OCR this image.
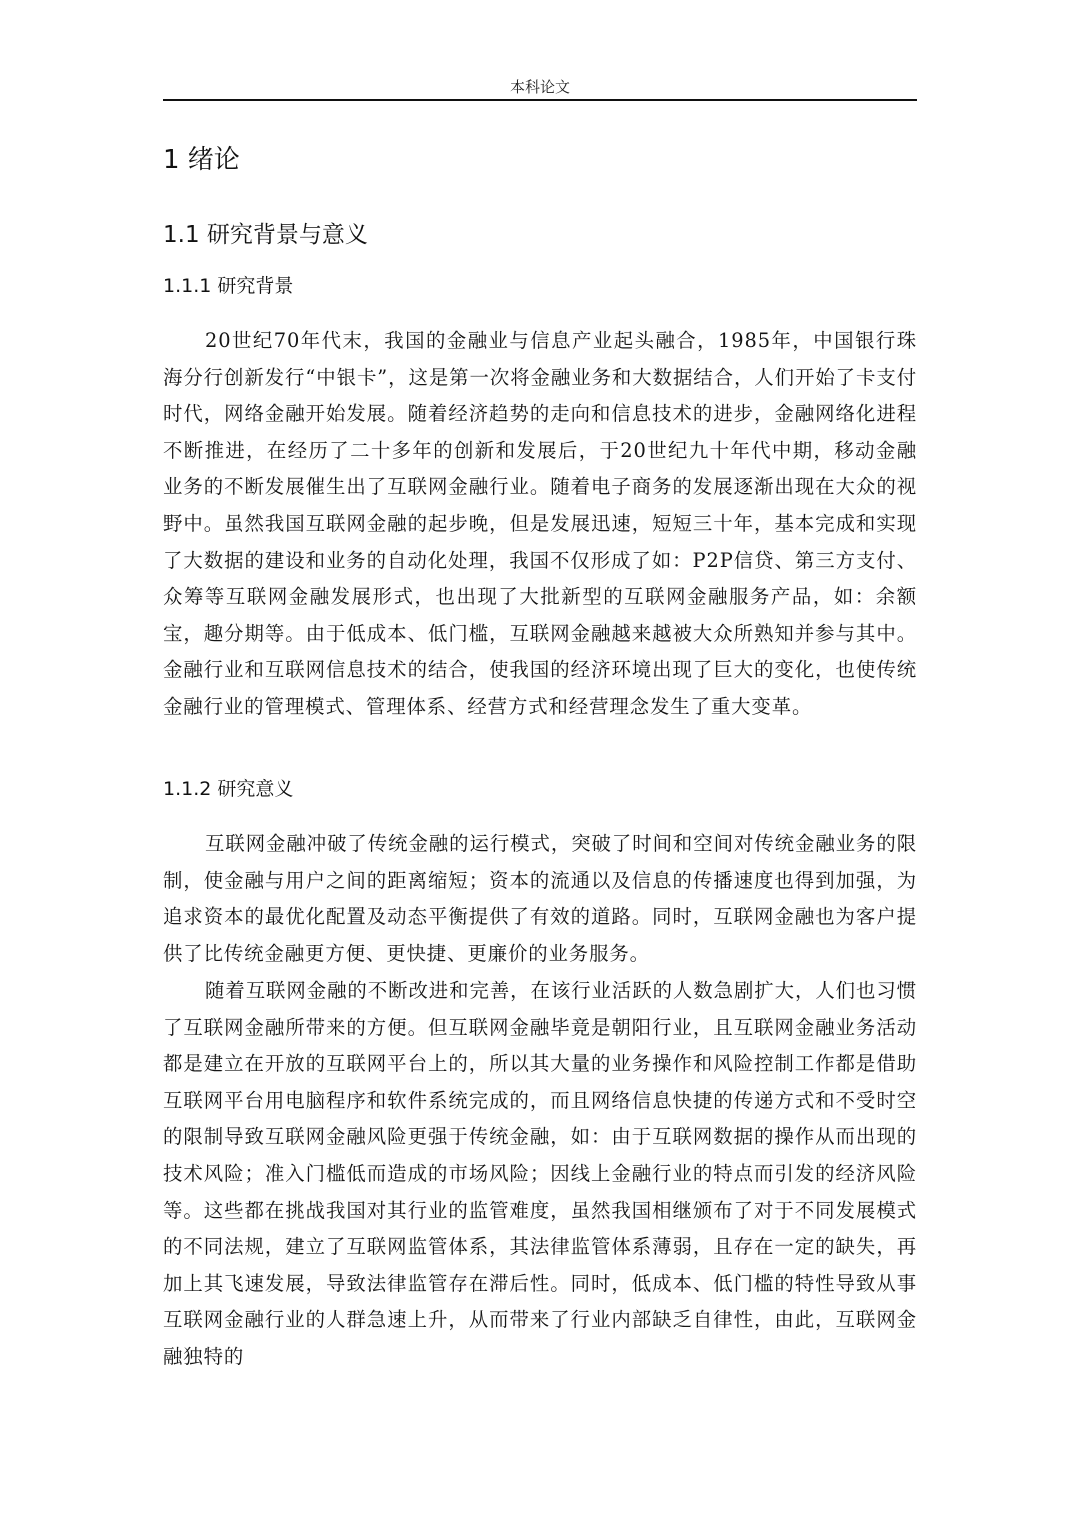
本科论文
1 绪论
1.1 研究背景与意义
1.1.1 研究背景

20世纪70年代末，我国的金融业与信息产业起头融合，1985年，中国银行珠海分行创新发行“中银卡”，这是第一次将金融业务和大数据结合，人们开始了卡支付时代，网络金融开始发展。随着经济趋势的走向和信息技术的进步，金融网络化进程不断推进，在经历了二十多年的创新和发展后，于20世纪九十年代中期，移动金融业务的不断发展催生出了互联网金融行业。随着电子商务的发展逐渐出现在大众的视野中。虽然我国互联网金融的起步晚，但是发展迅速，短短三十年，基本完成和实现了大数据的建设和业务的自动化处理，我国不仅形成了如：P2P信贷、第三方支付、众筹等互联网金融发展形式，也出现了大批新型的互联网金融服务产品，如：余额宝，趣分期等。由于低成本、低门槛，互联网金融越来越被大众所熟知并参与其中。金融行业和互联网信息技术的结合，使我国的经济环境出现了巨大的变化，也使传统金融行业的管理模式、管理体系、经营方式和经营理念发生了重大变革。

1.1.2 研究意义

互联网金融冲破了传统金融的运行模式，突破了时间和空间对传统金融业务的限制，使金融与用户之间的距离缩短；资本的流通以及信息的传播速度也得到加强，为追求资本的最优化配置及动态平衡提供了有效的道路。同时，互联网金融也为客户提供了比传统金融更方便、更快捷、更廉价的业务服务。

随着互联网金融的不断改进和完善，在该行业活跃的人数急剧扩大，人们也习惯了互联网金融所带来的方便。但互联网金融毕竟是朝阳行业，且互联网金融业务活动都是建立在开放的互联网平台上的，所以其大量的业务操作和风险控制工作都是借助互联网平台用电脑程序和软件系统完成的，而且网络信息快捷的传递方式和不受时空的限制导致互联网金融风险更强于传统金融，如：由于互联网数据的操作从而出现的技术风险；准入门槛低而造成的市场风险；因线上金融行业的特点而引发的经济风险等。这些都在挑战我国对其行业的监管难度，虽然我国相继颁布了对于不同发展模式的不同法规，建立了互联网监管体系，其法律监管体系薄弱，且存在一定的缺失，再加上其飞速发展，导致法律监管存在滞后性。同时，低成本、低门槛的特性导致从事互联网金融行业的人群急速上升，从而带来了行业内部缺乏自律性，由此，互联网金融独特的
